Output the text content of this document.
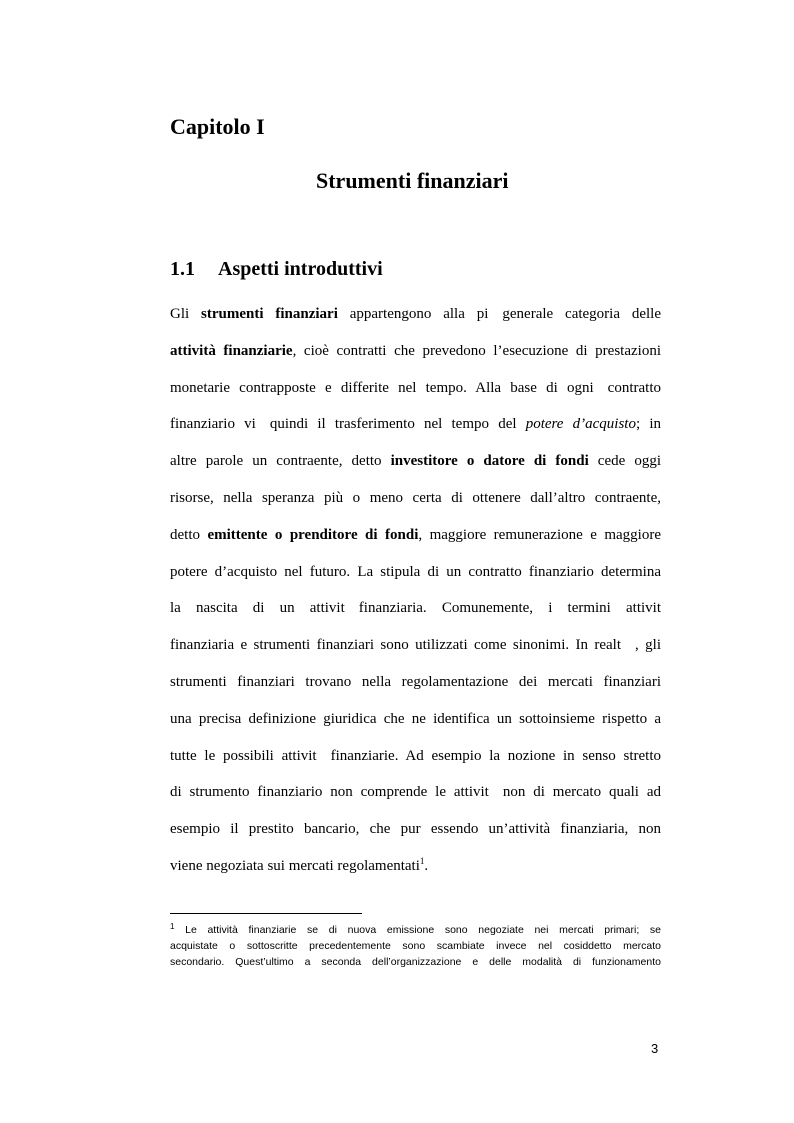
Capitolo I
Strumenti finanziari
1.1 Aspetti introduttivi
Gli strumenti finanziari appartengono alla pi generale categoria delle
attività finanziarie, cioè contratti che prevedono l’esecuzione di prestazioni
monetarie contrapposte e differite nel tempo. Alla base di ogni contratto
finanziario vi quindi il trasferimento nel tempo del potere d’acquisto; in
altre parole un contraente, detto investitore o datore di fondi cede oggi
risorse, nella speranza più o meno certa di ottenere dall’altro contraente,
detto emittente o prenditore di fondi, maggiore remunerazione e maggiore
potere d’acquisto nel futuro. La stipula di un contratto finanziario determina
la nascita di un attivit finanziaria. Comunemente, i termini attivit
finanziaria e strumenti finanziari sono utilizzati come sinonimi. In realt , gli
strumenti finanziari trovano nella regolamentazione dei mercati finanziari
una precisa definizione giuridica che ne identifica un sottoinsieme rispetto a
tutte le possibili attivit finanziarie. Ad esempio la nozione in senso stretto
di strumento finanziario non comprende le attivit non di mercato quali ad
esempio il prestito bancario, che pur essendo un’attività finanziaria, non
viene negoziata sui mercati regolamentati$^1$.
$^1$ Le attività finanziarie se di nuova emissione sono negoziate nei mercati primari; se
acquistate o sottoscritte precedentemente sono scambiate invece nel cosiddetto mercato
secondario. Quest’ultimo a seconda dell’organizzazione e delle modalità di funzionamento
3
